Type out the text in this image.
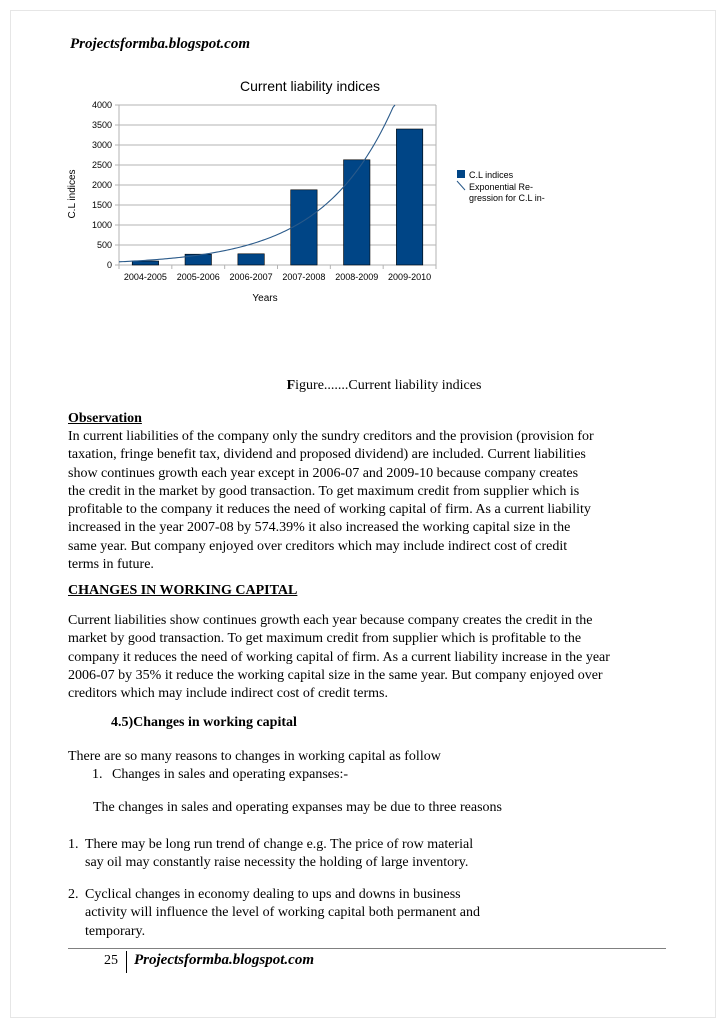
Projectsformba.blogspot.com
0
500
1000
1500
2000
2500
3000
3500
4000
2004-2005 2005-2006 2006-2007 2007-2008 2008-2009 2009-2010
Current liability indices
Years
C.L indices	C.L indices
Exponential Re-
gression for C.L in-
Figure.......Current liability indices
Observation
In current liabilities of the company only the sundry creditors and the provision (provision for
taxation, fringe benefit tax, dividend and proposed dividend) are included. Current liabilities
show continues growth each year except in 2006-07 and 2009-10 because company creates
the credit in the market by good transaction. To get maximum credit from supplier which is
profitable to the company it reduces the need of working capital of firm. As a current liability
increased in the year 2007-08 by 574.39% it also increased the working capital size in the
same year. But company enjoyed over creditors which may include indirect cost of credit
terms in future.
CHANGES IN WORKING CAPITAL
Current liabilities show continues growth each year because company creates the credit in the
market by good transaction. To get maximum credit from supplier which is profitable to the
company it reduces the need of working capital of firm. As a current liability increase in the year
2006-07 by 35% it reduce the working capital size in the same year. But company enjoyed over
creditors which may include indirect cost of credit terms.
4.5)Changes in working capital
There are so many reasons to changes in working capital as follow
1. Changes in sales and operating expanses:-
The changes in sales and operating expanses may be due to three reasons
1. There may be long run trend of change e.g. The price of row material
say oil may constantly raise necessity the holding of large inventory.
2. Cyclical changes in economy dealing to ups and downs in business
activity will influence the level of working capital both permanent and
temporary.
25 Projectsformba.blogspot.com
